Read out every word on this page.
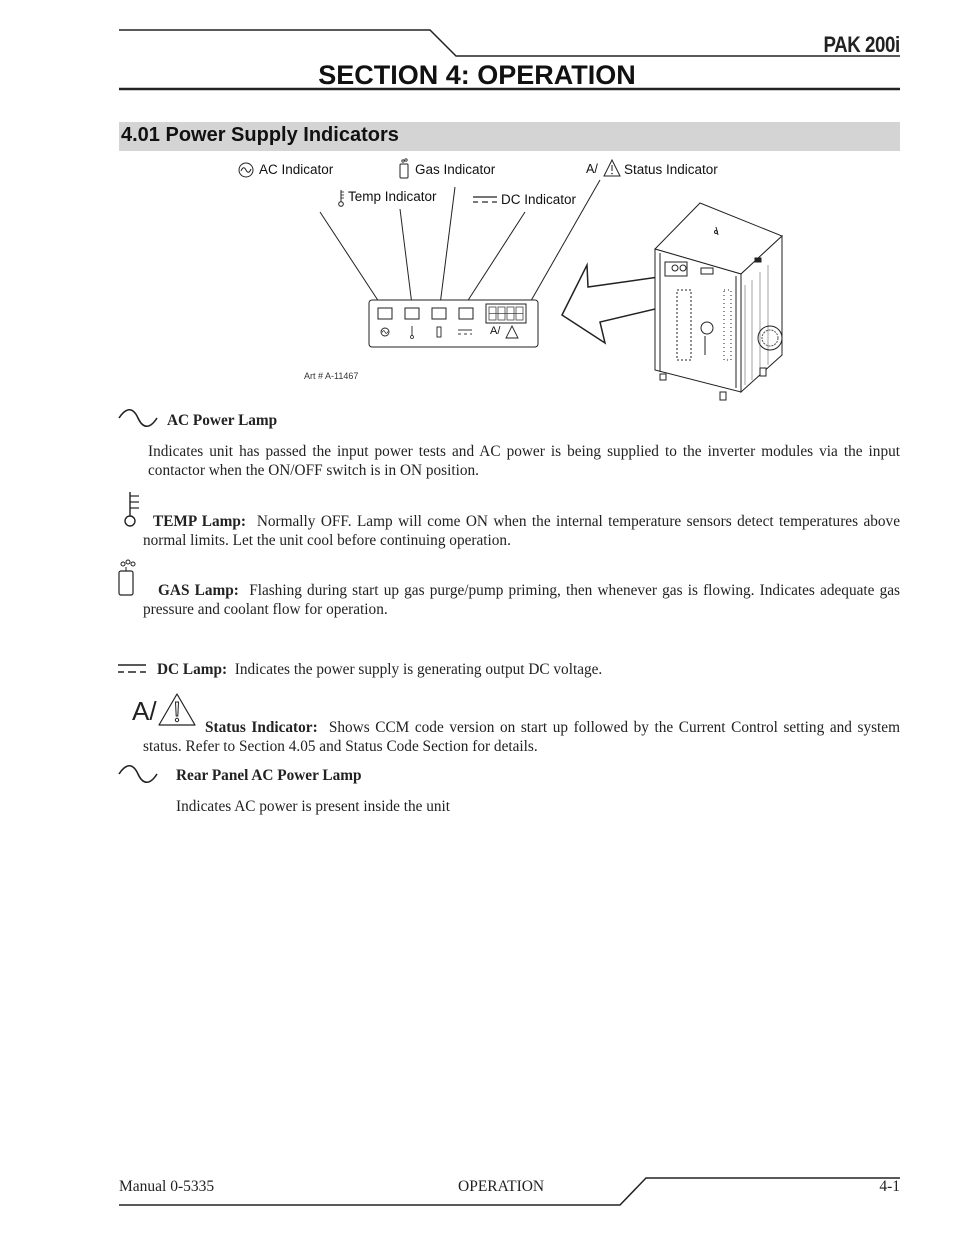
PAK 200i
SECTION 4: OPERATION
4.01 Power Supply Indicators
AC Indicator	Gas Indicator	A/ Status Indicator
Temp Indicator	DC Indicator
A/
Art # A-11467
AC Power Lamp
Indicates unit has passed the input power tests and AC power is being supplied to the inverter modules via the input contactor when the ON/OFF switch is in ON position.
TEMP Lamp: Normally OFF. Lamp will come ON when the internal temperature sensors detect temperatures above normal limits. Let the unit cool before continuing operation.
GAS Lamp: Flashing during start up gas purge/pump priming, then whenever gas is flowing. Indicates adequate gas pressure and coolant flow for operation.
DC Lamp: Indicates the power supply is generating output DC voltage.
A/
Status Indicator: Shows CCM code version on start up followed by the Current Control setting and system status. Refer to Section 4.05 and Status Code Section for details.
Rear Panel AC Power Lamp
Indicates AC power is present inside the unit
Manual 0-5335	OPERATION	4-1
